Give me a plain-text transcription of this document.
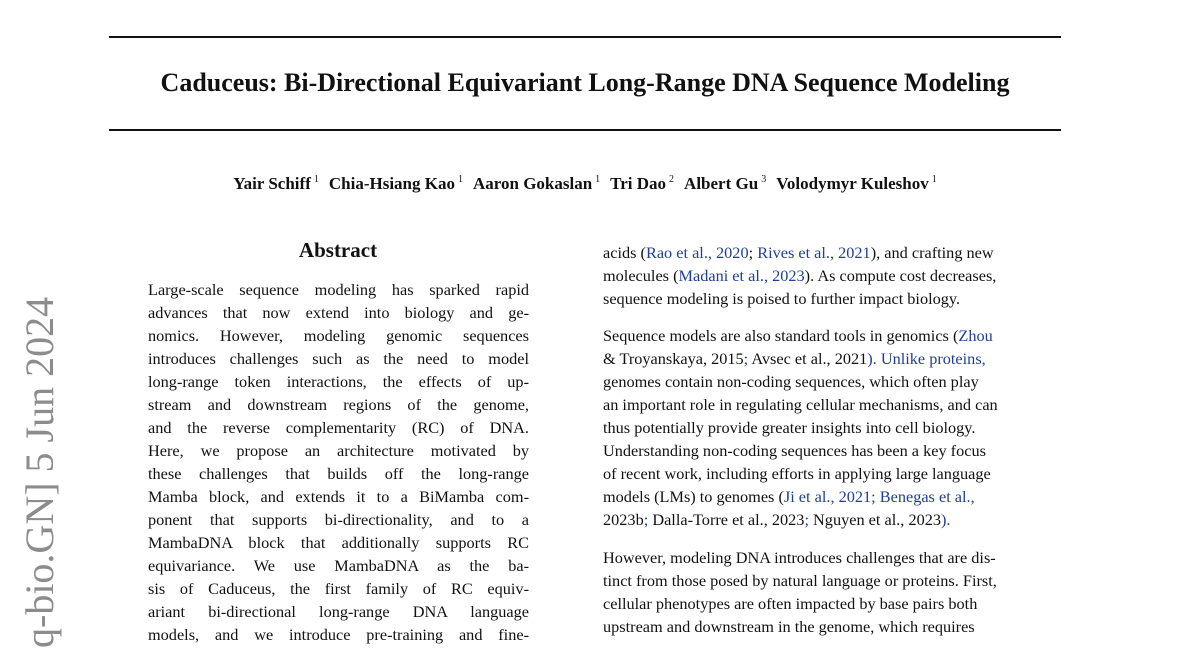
Caduceus: Bi-Directional Equivariant Long-Range DNA Sequence Modeling
Yair Schiff $^1$ Chia-Hsiang Kao $^1$ Aaron Gokaslan $^1$ Tri Dao $^2$ Albert Gu $^3$ Volodymyr Kuleshov $^1$
q-bio.GN] 5 Jun 2024
Abstract
Large-scale sequence modeling has sparked rapid
advances that now extend into biology and ge-
nomics. However, modeling genomic sequences
introduces challenges such as the need to model
long-range token interactions, the effects of up-
stream and downstream regions of the genome,
and the reverse complementarity (RC) of DNA.
Here, we propose an architecture motivated by
these challenges that builds off the long-range
Mamba block, and extends it to a BiMamba com-
ponent that supports bi-directionality, and to a
MambaDNA block that additionally supports RC
equivariance. We use MambaDNA as the ba-
sis of Caduceus, the first family of RC equiv-
ariant bi-directional long-range DNA language
models, and we introduce pre-training and fine-
acids (Rao et al., 2020; Rives et al., 2021), and crafting new
molecules (Madani et al., 2023). As compute cost decreases,
sequence modeling is poised to further impact biology.
Sequence models are also standard tools in genomics (Zhou
& Troyanskaya, 2015; Avsec et al., 2021). Unlike proteins,
genomes contain non-coding sequences, which often play
an important role in regulating cellular mechanisms, and can
thus potentially provide greater insights into cell biology.
Understanding non-coding sequences has been a key focus
of recent work, including efforts in applying large language
models (LMs) to genomes (Ji et al., 2021; Benegas et al.,
2023b; Dalla-Torre et al., 2023; Nguyen et al., 2023).
However, modeling DNA introduces challenges that are dis-
tinct from those posed by natural language or proteins. First,
cellular phenotypes are often impacted by base pairs both
upstream and downstream in the genome, which requires
